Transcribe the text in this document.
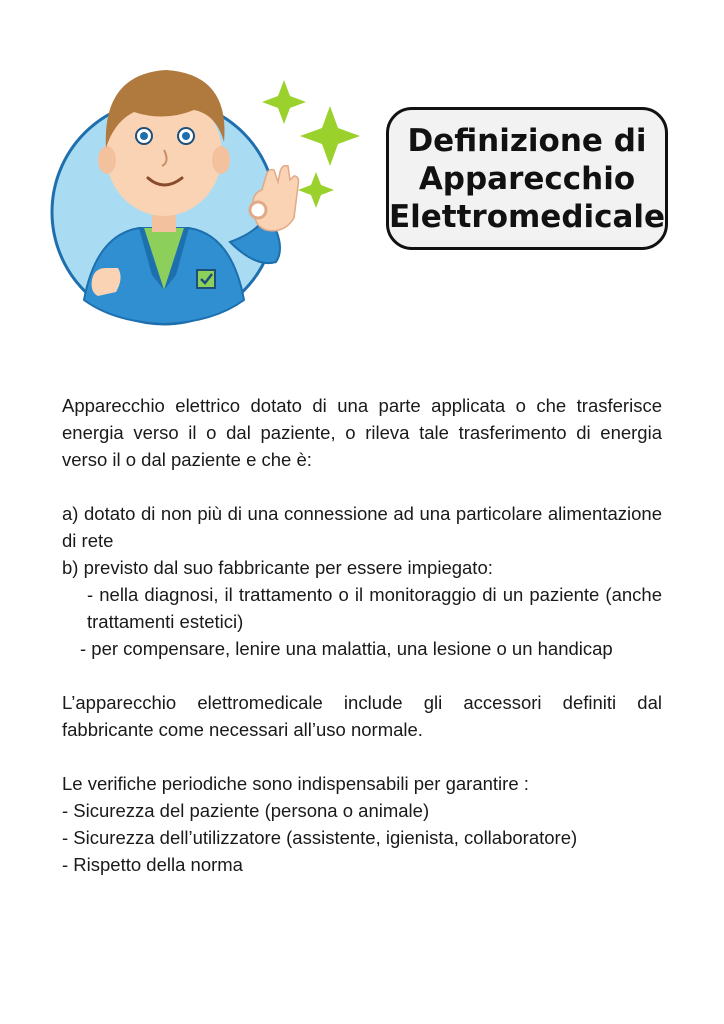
Definizione di
Apparecchio
Elettromedicale

Apparecchio elettrico dotato di una parte applicata o che trasferisce energia verso il o dal paziente, o rileva tale trasferimento di energia verso il o dal paziente e che è:

a) dotato di non più di una connessione ad una particolare alimentazione di rete

b) previsto dal suo fabbricante per essere impiegato:

- nella diagnosi, il trattamento o il monitoraggio di un paziente (anche trattamenti estetici)

- per compensare, lenire una malattia, una lesione o un handicap

L’apparecchio elettromedicale include gli accessori definiti dal fabbricante come necessari all’uso normale.

Le verifiche periodiche sono indispensabili per garantire :

- Sicurezza del paziente (persona o animale)

- Sicurezza dell’utilizzatore (assistente, igienista, collaboratore)

- Rispetto della norma
